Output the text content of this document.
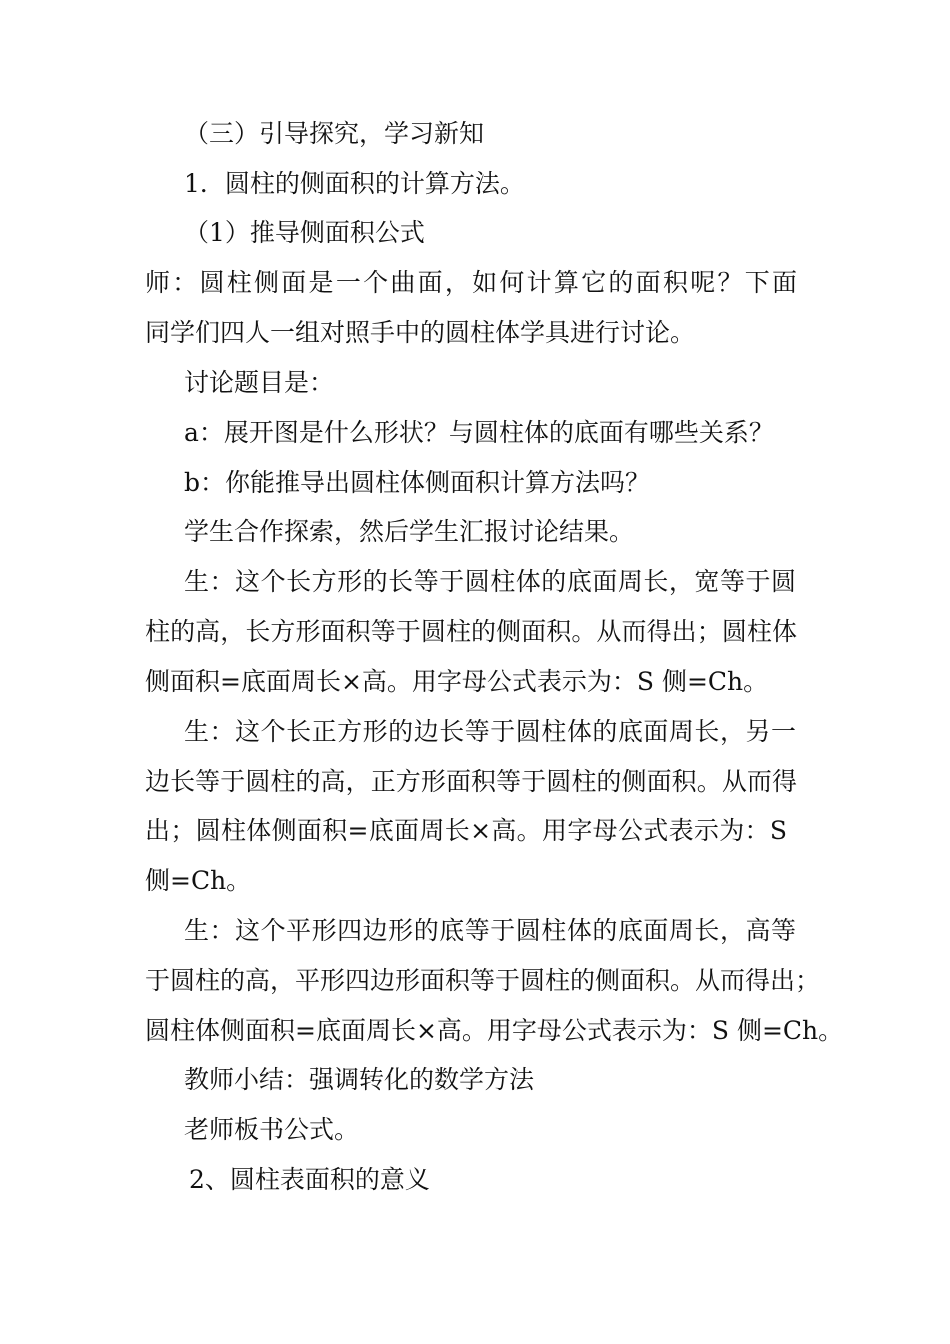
（三）引导探究，学习新知
1．圆柱的侧面积的计算方法。
（1）推导侧面积公式
师：圆柱侧面是一个曲面，如何计算它的面积呢？下面
同学们四人一组对照手中的圆柱体学具进行讨论。
讨论题目是：
a：展开图是什么形状？与圆柱体的底面有哪些关系？
b：你能推导出圆柱体侧面积计算方法吗？
学生合作探索，然后学生汇报讨论结果。
生：这个长方形的长等于圆柱体的底面周长，宽等于圆
柱的高，长方形面积等于圆柱的侧面积。从而得出；圆柱体
侧面积=底面周长×高。用字母公式表示为：S 侧=Ch。
生：这个长正方形的边长等于圆柱体的底面周长，另一
边长等于圆柱的高，正方形面积等于圆柱的侧面积。从而得
出；圆柱体侧面积=底面周长×高。用字母公式表示为：S
侧=Ch。
生：这个平形四边形的底等于圆柱体的底面周长，高等
于圆柱的高，平形四边形面积等于圆柱的侧面积。从而得出；
圆柱体侧面积=底面周长×高。用字母公式表示为：S 侧=Ch。
教师小结：强调转化的数学方法
老师板书公式。
2、圆柱表面积的意义
